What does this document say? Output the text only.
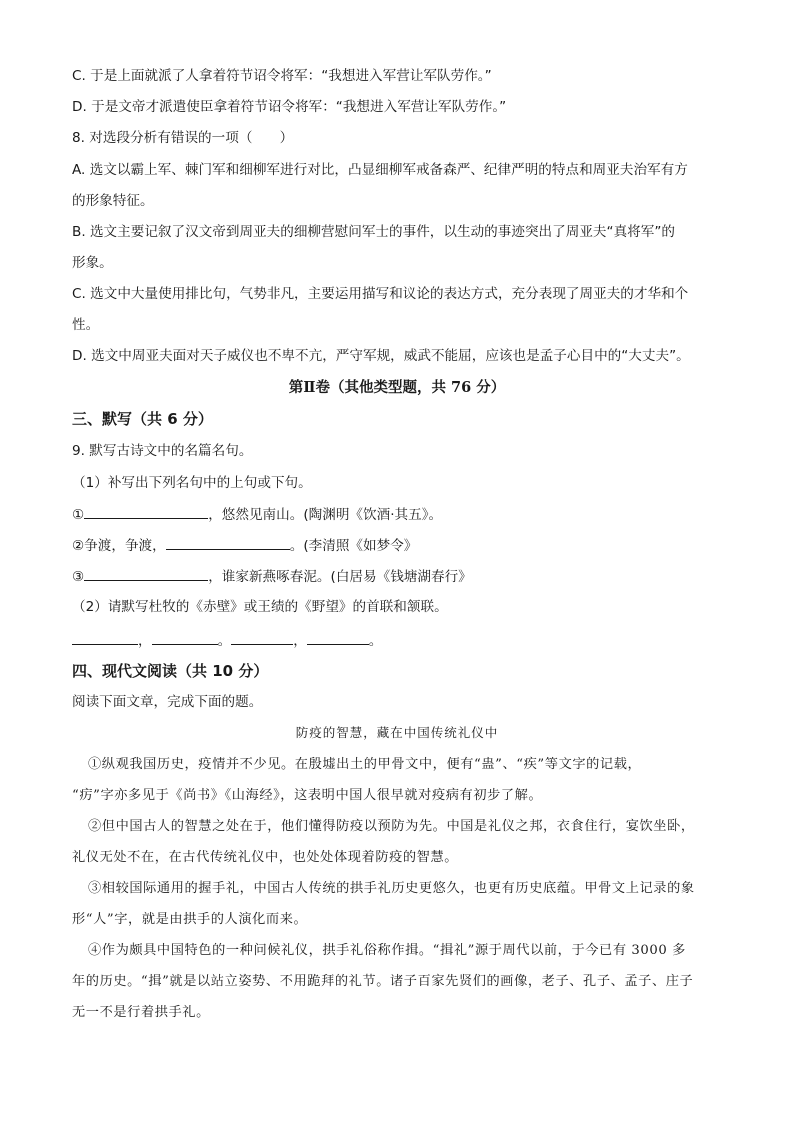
C. 于是上面就派了人拿着符节诏令将军：“我想进入军营让军队劳作。”
D. 于是文帝才派遣使臣拿着符节诏令将军：“我想进入军营让军队劳作。”
8. 对选段分析有错误的一项（　　）
A. 选文以霸上军、棘门军和细柳军进行对比，凸显细柳军戒备森严、纪律严明的特点和周亚夫治军有方
的形象特征。
B. 选文主要记叙了汉文帝到周亚夫的细柳营慰问军士的事件，以生动的事迹突出了周亚夫“真将军”的
形象。
C. 选文中大量使用排比句，气势非凡，主要运用描写和议论的表达方式，充分表现了周亚夫的才华和个
性。
D. 选文中周亚夫面对天子威仪也不卑不亢，严守军规，威武不能屈，应该也是孟子心目中的“大丈夫”。
第Ⅱ卷（其他类型题，共 76 分）
三、默写（共 6 分）
9. 默写古诗文中的名篇名句。
（1）补写出下列名句中的上句或下句。
①	，悠然见南山。(陶渊明《饮酒·其五》。
②争渡，争渡，	。(李清照《如梦令》
③	，谁家新燕啄春泥。(白居易《钱塘湖春行》
（2）请默写杜牧的《赤壁》或王绩的《野望》的首联和颔联。
，	。	，	。
四、现代文阅读（共 10 分）
阅读下面文章，完成下面的题。
防疫的智慧，藏在中国传统礼仪中
①纵观我国历史，疫情并不少见。在殷墟出土的甲骨文中，便有“蛊”、“疾”等文字的记载，
“疠”字亦多见于《尚书》《山海经》，这表明中国人很早就对疫病有初步了解。
②但中国古人的智慧之处在于，他们懂得防疫以预防为先。中国是礼仪之邦，衣食住行，宴饮坐卧，
礼仪无处不在，在古代传统礼仪中，也处处体现着防疫的智慧。
③相较国际通用的握手礼，中国古人传统的拱手礼历史更悠久，也更有历史底蕴。甲骨文上记录的象
形“人”字，就是由拱手的人演化而来。
④作为颇具中国特色的一种问候礼仪，拱手礼俗称作揖。“揖礼”源于周代以前，于今已有 3000 多
年的历史。“揖”就是以站立姿势、不用跪拜的礼节。诸子百家先贤们的画像，老子、孔子、孟子、庄子
无一不是行着拱手礼。
